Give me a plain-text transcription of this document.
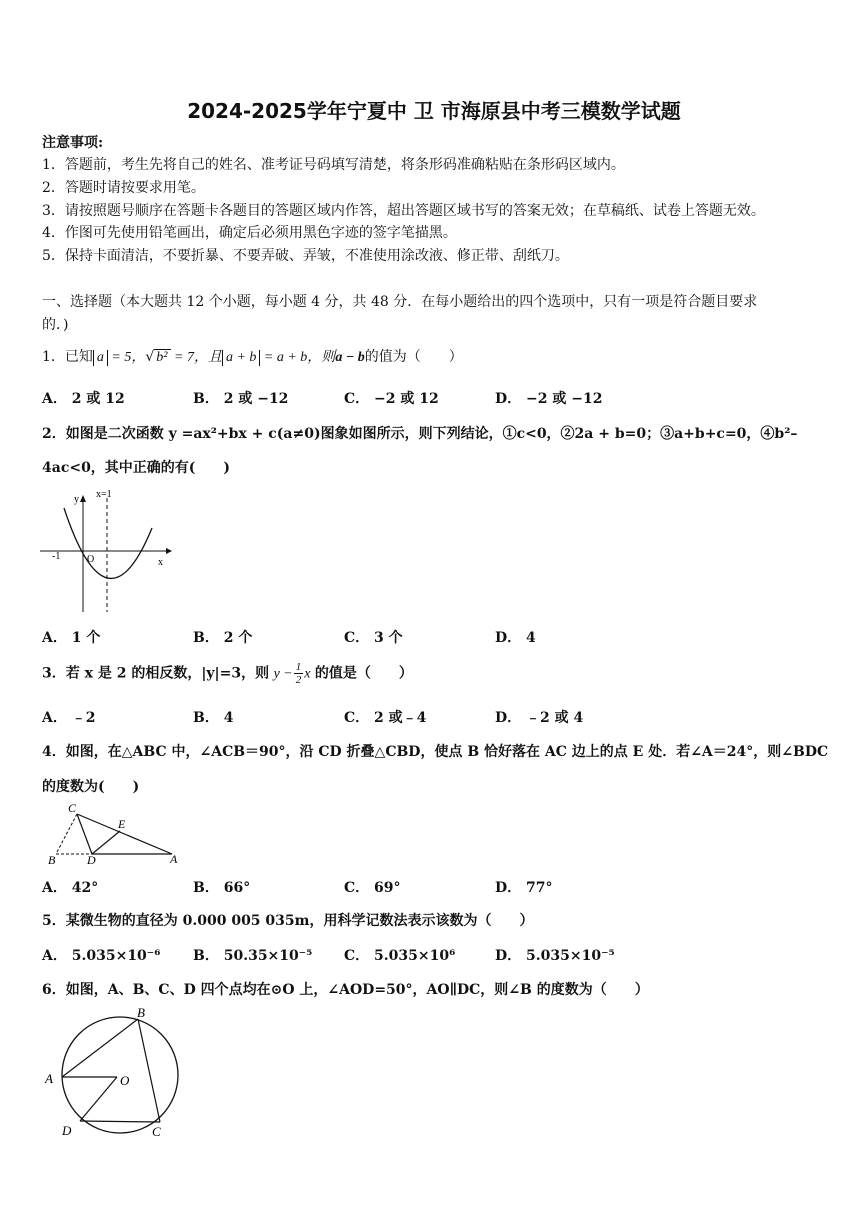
2024-2025学年宁夏中 卫 市海原县中考三模数学试题
注意事项:
1．答题前，考生先将自己的姓名、准考证号码填写清楚，将条形码准确粘贴在条形码区域内。
2．答题时请按要求用笔。
3．请按照题号顺序在答题卡各题目的答题区域内作答，超出答题区域书写的答案无效；在草稿纸、试卷上答题无效。
4．作图可先使用铅笔画出，确定后必须用黑色字迹的签字笔描黑。
5．保持卡面清洁，不要折暴、不要弄破、弄皱，不准使用涂改液、修正带、刮纸刀。
一、选择题（本大题共 12 个小题，每小题 4 分，共 48 分．在每小题给出的四个选项中，只有一项是符合题目要求
的．)
1．已知 a = 5，√ b² = 7，且 a + b = a + b，则a − b的值为（　　）
A． 2 或 12	B． 2 或 −12	C． −2 或 12	D． −2 或 −12
2．如图是二次函数 y =ax²+bx + c(a≠0)图象如图所示，则下列结论，①c<0，②2a + b=0；③a+b+c=0，④b²–
4ac<0，其中正确的有(　　)
y
x
x=1
O
-1
A． 1 个	B． 2 个	C． 3 个	D． 4
3．若 x 是 2 的相反数，|y|=3，则 $y - \frac{1}{2}$ x 的值是（　　）
A． ﹣2	B． 4	C． 2 或﹣4	D． ﹣2 或 4
4．如图，在△ABC 中，∠ACB＝90°，沿 CD 折叠△CBD，使点 B 恰好落在 AC 边上的点 E 处．若∠A＝24°，则∠BDC
的度数为(　　)
C
E
B	D	A
A． 42°	B． 66°	C． 69°	D． 77°
5．某微生物的直径为 0.000 005 035m，用科学记数法表示该数为（　　）
A． 5.035×10⁻⁶ B． 50.35×10⁻⁵ C． 5.035×10⁶	D． 5.035×10⁻⁵
6．如图，A、B、C、D 四个点均在⊙O 上，∠AOD=50°，AO∥DC，则∠B 的度数为（　　）
A
B
C
D
O
